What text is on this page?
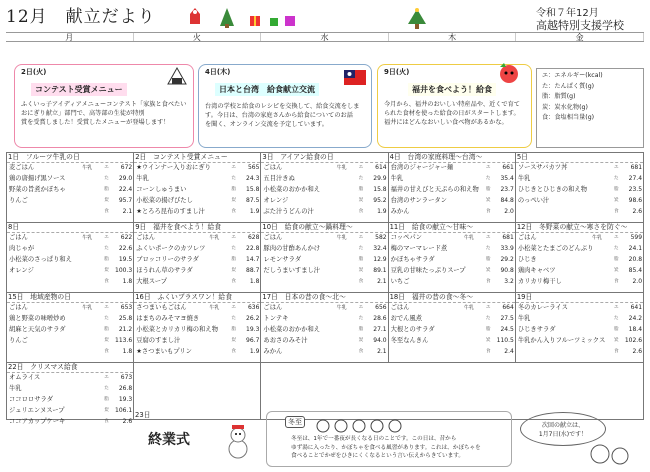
12月　献立だより	令和７年12月
高越特別支援学校
月	火	水	木	金
2日(火)
コンテスト受賞メニュー
ふくいっ子アイディアメニューコンテスト「家族と食べたいおにぎり献立」部門で、高等部の生徒が特別
賞を受賞しました！受賞したメニューが登場します！
4日(木)
日本と台湾　給食献立交流
台湾の学校と給食のレシピを交換して、給食交流をします。今日は、台湾の家庭さんから給食についてのお話
を聞く、オンライン交流を予定しています。
9日(火)
福井を食べよう！給食
今月から、福井のおいしい特産品や、近くで育て
られた食材を使った給食の日がスタートします。
福井にはどんなおいしい食べ物があるかな。
エ：エネルギー(kcal)
た：たんぱく質(g)
脂：脂質(g)
炭：炭水化物(g)
食：食塩相当量(g)
1日　フルーツ牛乳の日
麦ごはん	牛乳	エ	672
鶏の唐揚げ黒ソース	た	29.0
野菜の旨煮かぼちゃ	脂	22.4
りんご	炭	95.7
食	2.1
2日　コンテスト受賞メニュー
★ウインナー入りおにぎり	エ	565
牛乳	た	24.3
コーンしゅうまい	脂	15.8
小松菜の揚げびたし	炭	87.5
★とろろ昆布のすまし汁	食	1.9
3日　アイアン給食の日
ごはん	牛乳	エ	614
五目汁きぬ	た	29.9
小松菜のおかか和え	脂	15.8
オレンジ	炭	95.2
ぶた汁うどんの汁	食	1.9
4日　台湾の家庭料理～台湾～
台湾のジャージャー麺	エ	661
牛乳	た	35.4
福井の甘えびと天ぷらの和え物	脂	23.7
台湾のサンラータン	炭	84.8
みかん	食	2.0
5日
ソースサバカツ丼	エ	681
牛乳	た	27.4
ひじきとひじきの和え物	脂	23.5
のっぺい汁	炭	98.6
食	2.6
8日
ごはん	牛乳	エ	622
肉じゃが	た	22.6
小松菜のさっぱり和え	脂	19.5
オレンジ	炭	100.3
食	1.8
9日　福井を食べよう！給食
ごはん	牛乳	エ	628
ふくいポークのカツレツ	た	22.8
ブロッコリーのサラダ	脂	14.7
ほうれん草のサラダ	炭	88.7
大根スープ	食	1.8
10日　給食の献立～鍋料理～
ごはん	牛乳	エ	582
豚肉の甘酢あんかけ	た	32.4
レモンサラダ	脂	12.9
だしうまいすまし汁	炭	89.1
食	2.1
11日　給食の献立～甘味～
コッペパン	牛乳	エ	681
梅のマーマレード煮	た	33.9
かぼちゃサラダ	脂	29.2
豆乳の甘味たっぷりスープ	炭	90.8
いちご	食	3.2
12日　冬野菜の献立～寒さを防ぐ～
ごはん	牛乳	エ	599
小松菜とたまごのどんぶり	た	24.1
ひじき	脂	20.8
鶏肉キャベツ	炭	85.4
カリカリ梅干し	食	2.0
15日　地域産物の日
ごはん	牛乳	エ	653
鶏と野菜の味噌炒め	た	25.8
胡麻と天気のサラダ	脂	21.2
りんご	炭	113.6
食	1.8
16日　ふくいブラスワン！給食
さつまいもごはん	牛乳	エ	636
はまちのみそマヨ焼き	た	26.2
小松菜とカリカリ梅の和え物	脂	19.3
豆腐のすまし汁	炭	96.7
★さつまいもプリン	食	1.9
17日　日本の昔の食～北～
ごはん	牛乳	エ	656
トンテキ	た	28.6
小松菜のおかか和え	脂	27.1
あおさのみそ汁	炭	94.0
みかん	食	2.1
18日　福井の昔の食～冬～
ごはん	牛乳	エ	664
おでん風煮	た	27.5
大根とのサラダ	脂	24.5
冬至なんきん	炭	110.5
食	2.4
19日
冬のカレーライス	エ	641
牛乳	た	24.2
ひじきサラダ	脂	18.4
牛乳かん入りフルーツミックス	炭	102.6
食	2.6
22日　クリスマス給食
オムライス	エ	673
牛乳	た	26.8
ココロロサラダ	脂	19.3
ジュリエンヌスープ	炭	106.1
ココアカップケーキ	食	2.6
23日
終業式
冬至
冬至は、1年で一番夜が長くなる日のことです。この日は、昔から
ゆず湯に入ったり、かぼちゃを食べる風習があります。これは、かぼちゃを
食べることでかぜをひきにくくなるという言い伝えからきています。
次回の献立は、
1月7日(水)です！
